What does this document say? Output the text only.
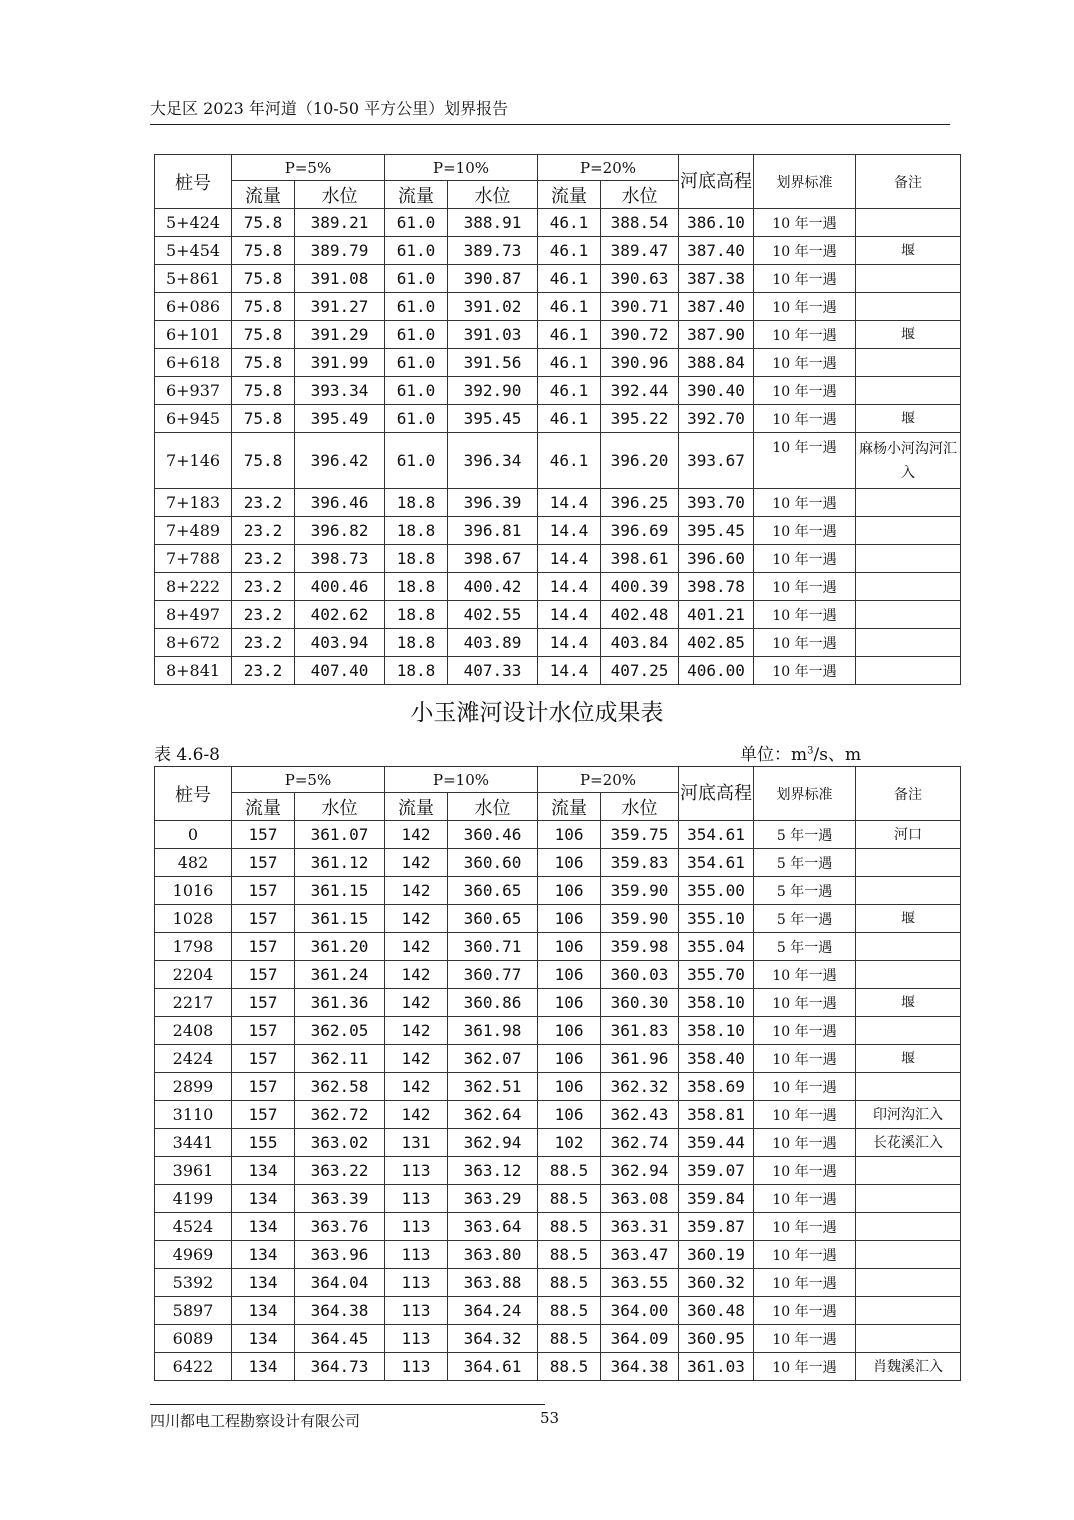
大足区 2023 年河道（10-50 平方公里）划界报告
桩号	P=5%		P=10%		P=20%		河底高程	划界标准	备注
	流量	水位	流量	水位	流量	水位			
5+424	75.8	389.21	61.0	388.91	46.1	388.54	386.10	10 年一遇	
5+454	75.8	389.79	61.0	389.73	46.1	389.47	387.40	10 年一遇	堰
5+861	75.8	391.08	61.0	390.87	46.1	390.63	387.38	10 年一遇	
6+086	75.8	391.27	61.0	391.02	46.1	390.71	387.40	10 年一遇	
6+101	75.8	391.29	61.0	391.03	46.1	390.72	387.90	10 年一遇	堰
6+618	75.8	391.99	61.0	391.56	46.1	390.96	388.84	10 年一遇	
6+937	75.8	393.34	61.0	392.90	46.1	392.44	390.40	10 年一遇	
6+945	75.8	395.49	61.0	395.45	46.1	395.22	392.70	10 年一遇	堰
7+146	75.8	396.42	61.0	396.34	46.1	396.20	393.67	10 年一遇	麻杨小河沟河汇入
7+183	23.2	396.46	18.8	396.39	14.4	396.25	393.70	10 年一遇	
7+489	23.2	396.82	18.8	396.81	14.4	396.69	395.45	10 年一遇	
7+788	23.2	398.73	18.8	398.67	14.4	398.61	396.60	10 年一遇	
8+222	23.2	400.46	18.8	400.42	14.4	400.39	398.78	10 年一遇	
8+497	23.2	402.62	18.8	402.55	14.4	402.48	401.21	10 年一遇	
8+672	23.2	403.94	18.8	403.89	14.4	403.84	402.85	10 年一遇	
8+841	23.2	407.40	18.8	407.33	14.4	407.25	406.00	10 年一遇	
小玉滩河设计水位成果表
表 4.6-8	单位：$m^3/s$、m
桩号	P=5%		P=10%		P=20%		河底高程	划界标准	备注
	流量	水位	流量	水位	流量	水位			
0	157	361.07	142	360.46	106	359.75	354.61	5 年一遇	河口
482	157	361.12	142	360.60	106	359.83	354.61	5 年一遇	
1016	157	361.15	142	360.65	106	359.90	355.00	5 年一遇	
1028	157	361.15	142	360.65	106	359.90	355.10	5 年一遇	堰
1798	157	361.20	142	360.71	106	359.98	355.04	5 年一遇	
2204	157	361.24	142	360.77	106	360.03	355.70	10 年一遇	
2217	157	361.36	142	360.86	106	360.30	358.10	10 年一遇	堰
2408	157	362.05	142	361.98	106	361.83	358.10	10 年一遇	
2424	157	362.11	142	362.07	106	361.96	358.40	10 年一遇	堰
2899	157	362.58	142	362.51	106	362.32	358.69	10 年一遇	
3110	157	362.72	142	362.64	106	362.43	358.81	10 年一遇	印河沟汇入
3441	155	363.02	131	362.94	102	362.74	359.44	10 年一遇	长花溪汇入
3961	134	363.22	113	363.12	88.5	362.94	359.07	10 年一遇	
4199	134	363.39	113	363.29	88.5	363.08	359.84	10 年一遇	
4524	134	363.76	113	363.64	88.5	363.31	359.87	10 年一遇	
4969	134	363.96	113	363.80	88.5	363.47	360.19	10 年一遇	
5392	134	364.04	113	363.88	88.5	363.55	360.32	10 年一遇	
5897	134	364.38	113	364.24	88.5	364.00	360.48	10 年一遇	
6089	134	364.45	113	364.32	88.5	364.09	360.95	10 年一遇	
6422	134	364.73	113	364.61	88.5	364.38	361.03	10 年一遇	肖魏溪汇入
四川都电工程勘察设计有限公司	53
